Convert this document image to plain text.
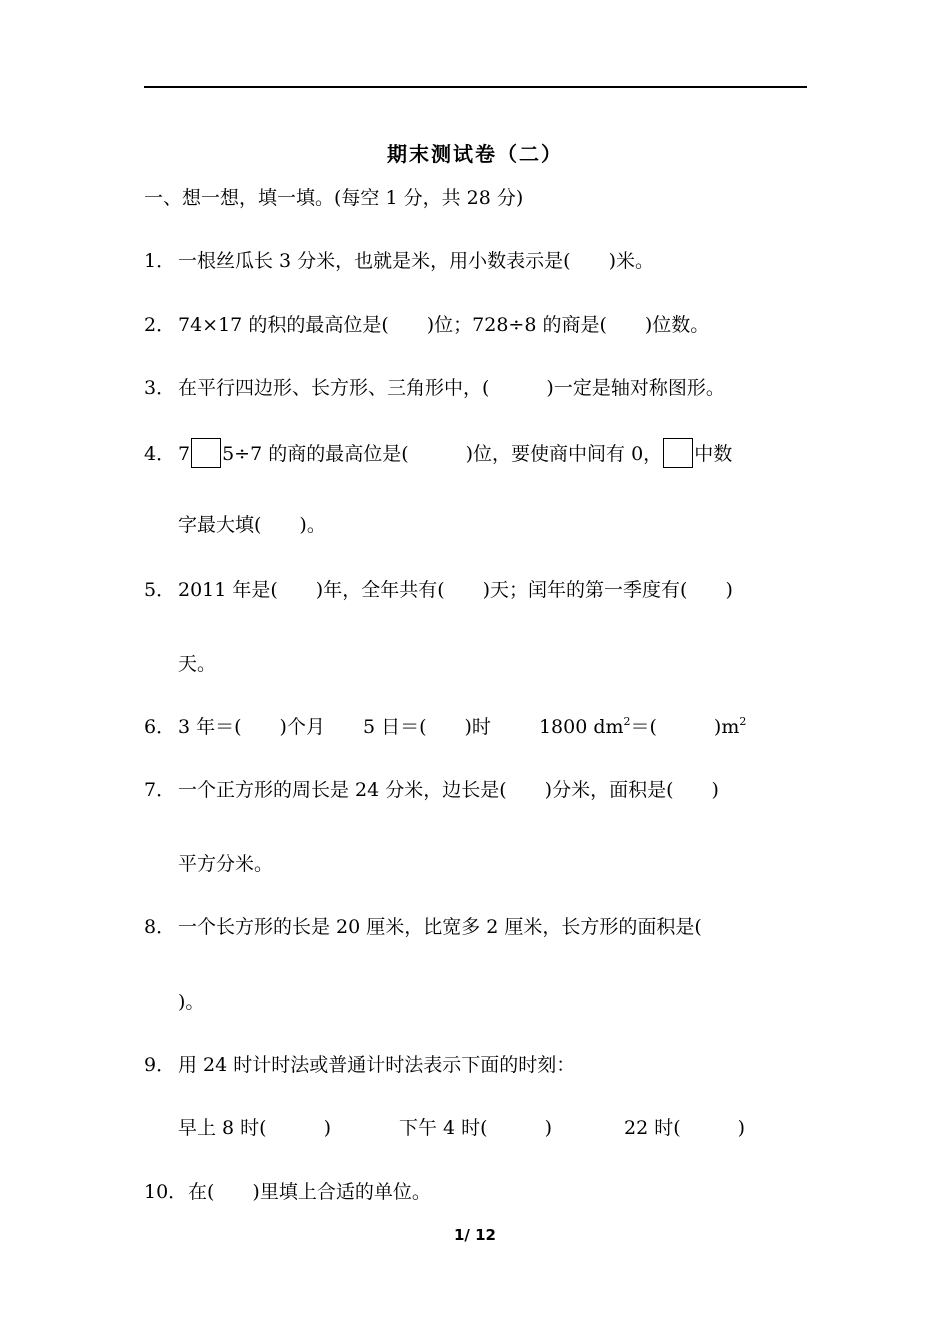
期末测试卷（二）
一、想一想，填一填。(每空 1 分，共 28 分)
1． 一根丝瓜长 3 分米，也就是米，用小数表示是(　　)米。
2． 74×17 的积的最高位是(　　)位；728÷8 的商是(　　)位数。
3． 在平行四边形、长方形、三角形中，(　　　)一定是轴对称图形。
4． 7 5÷7 的商的最高位是(　　　)位，要使商中间有 0， 中数
字最大填(　　)。
5． 2011 年是(　　)年，全年共有(　　)天；闰年的第一季度有(　　)
天。
6． 3 年＝(　　)个月 5 日＝(　　)时	1800 $dm^2=$(　　　)$m^2$
7． 一个正方形的周长是 24 分米，边长是(　　)分米，面积是(　　)
平方分米。
8． 一个长方形的长是 20 厘米，比宽多 2 厘米，长方形的面积是(
)。
9． 用 24 时计时法或普通计时法表示下面的时刻：
早上 8 时(　　　)	下午 4 时(　　　)	22 时(　　　)
10．在(　　)里填上合适的单位。
1/ 12
